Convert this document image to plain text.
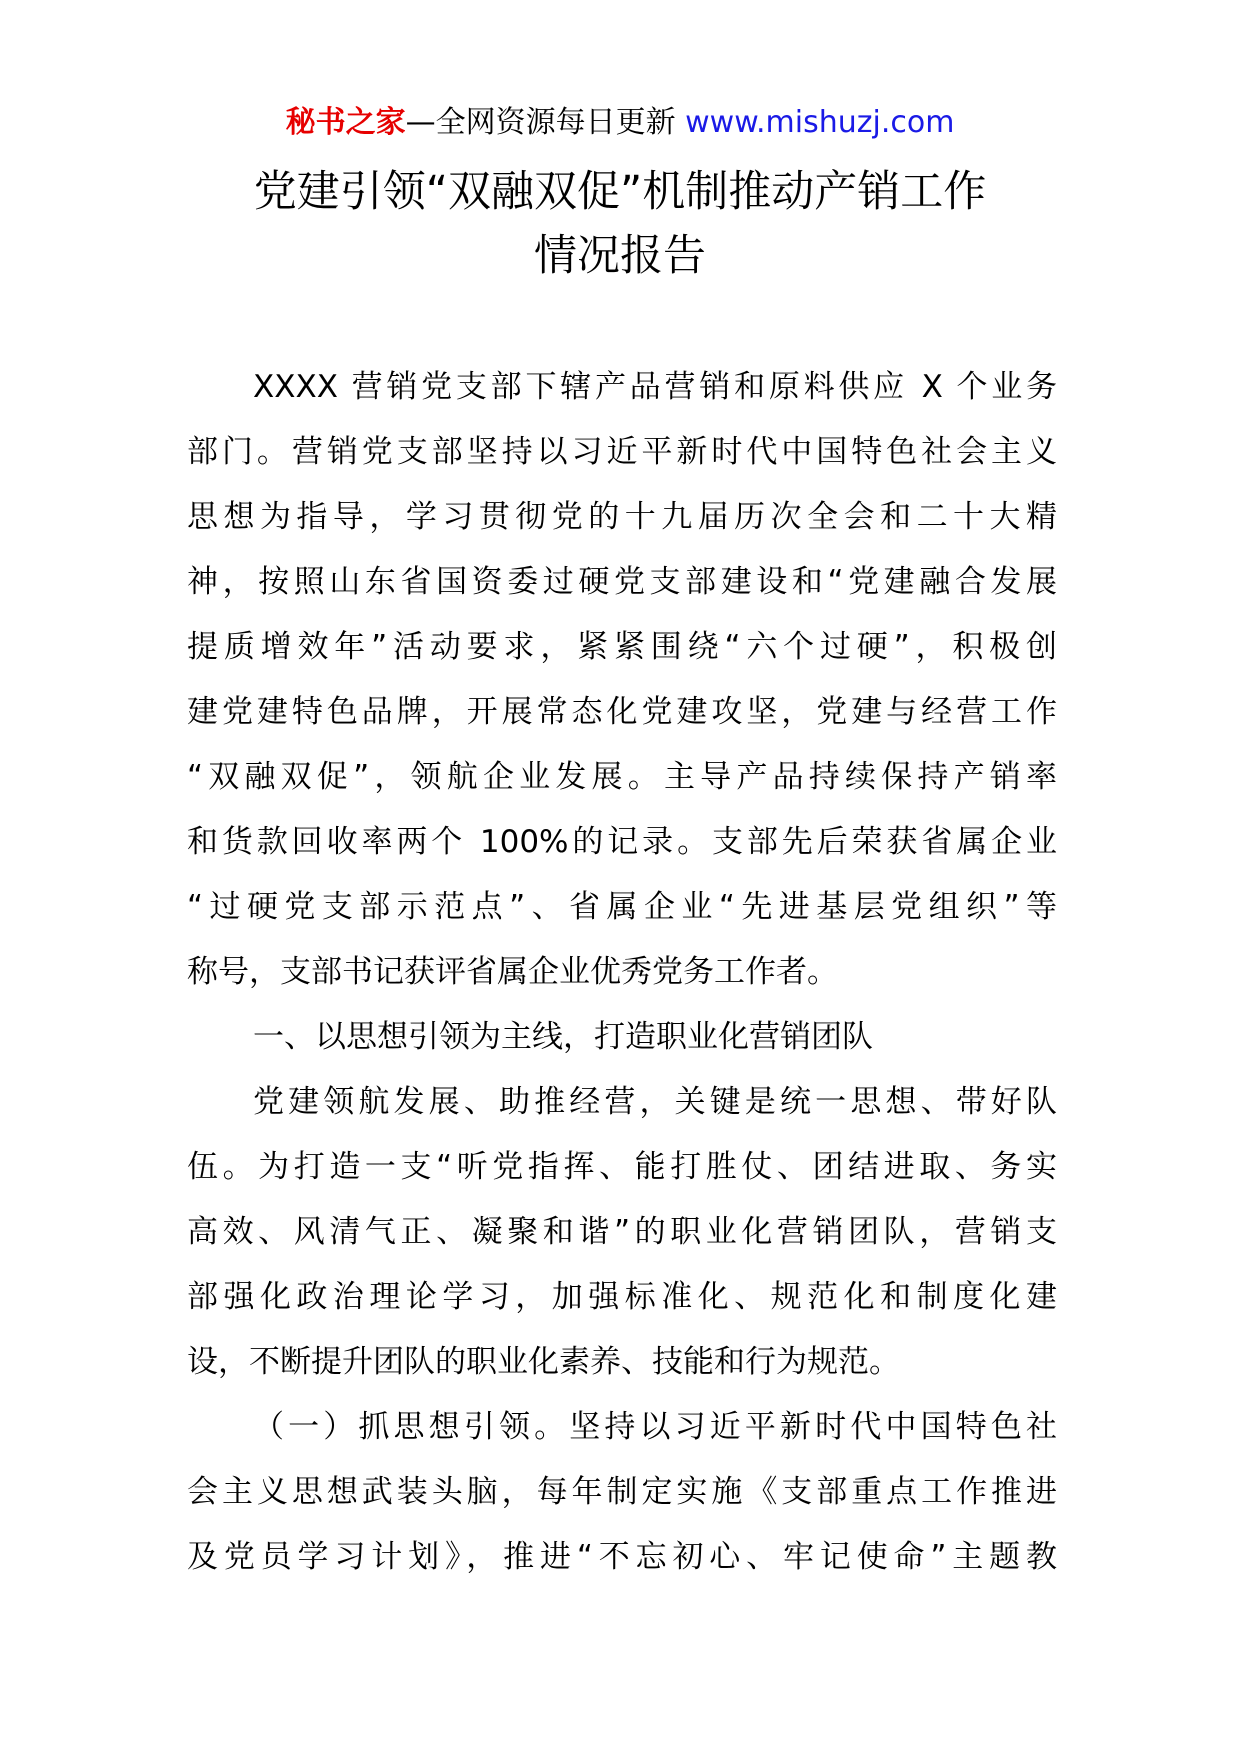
秘书之家—全网资源每日更新 www.mishuzj.com
党建引领“双融双促”机制推动产销工作
情况报告
XXXX 营销党支部下辖产品营销和原料供应 X 个业务
部门。营销党支部坚持以习近平新时代中国特色社会主义
思想为指导，学习贯彻党的十九届历次全会和二十大精
神，按照山东省国资委过硬党支部建设和“党建融合发展
提质增效年”活动要求，紧紧围绕“六个过硬”，积极创
建党建特色品牌，开展常态化党建攻坚，党建与经营工作
“双融双促”，领航企业发展。主导产品持续保持产销率
和货款回收率两个 100%的记录。支部先后荣获省属企业
“过硬党支部示范点”、省属企业“先进基层党组织”等
称号，支部书记获评省属企业优秀党务工作者。
一、以思想引领为主线，打造职业化营销团队
党建领航发展、助推经营，关键是统一思想、带好队
伍。为打造一支“听党指挥、能打胜仗、团结进取、务实
高效、风清气正、凝聚和谐”的职业化营销团队，营销支
部强化政治理论学习，加强标准化、规范化和制度化建
设，不断提升团队的职业化素养、技能和行为规范。
（一）抓思想引领。坚持以习近平新时代中国特色社
会主义思想武装头脑，每年制定实施《支部重点工作推进
及党员学习计划》，推进“不忘初心、牢记使命”主题教
